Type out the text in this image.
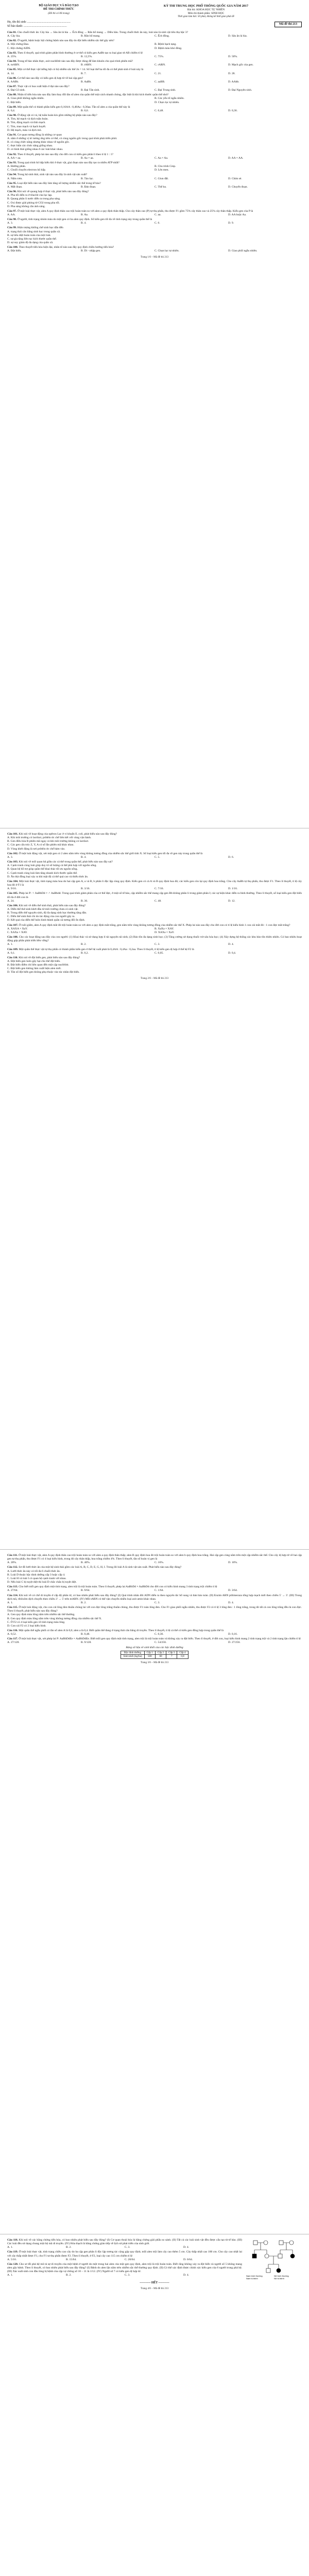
BỘ GIÁO DỤC VÀ ĐÀO TẠO
ĐỀ THI CHÍNH THỨC
(Đề thi có 06 trang)
KỲ THI TRUNG HỌC PHỔ THÔNG QUỐC GIA NĂM 2017
Bài thi: KHOA HỌC TỰ NHIÊN
Môn thi thành phần: SINH HỌC
Thời gian làm bài: 50 phút, không kể thời gian phát đề
Họ, tên thí sinh: ..........................................................
Số báo danh: ..........................................................
Mã đề thi 213
Câu 81. Cho chuỗi thức ăn: Cây lúa → Sâu ăn lá lúa → Ếch đồng → Rắn hổ mang → Diều hâu. Trong chuỗi thức ăn này, loài nào là sinh vật tiêu thụ bậc 3?
A. Cây lúa.	B. Rắn hổ mang.	C. Ếch đồng.	D. Sâu ăn lá lúa.
Câu 82. Ở người, bệnh hoặc hội chứng bệnh nào sau đây do đột biến nhiễm sắc thể gây nên?
A. Hội chứng Đao.	B. Bệnh bạch tạng.
C. Hội chứng AIDS.	D. Bệnh máu khó đông.
Câu 83. Theo lí thuyết, quá trình giảm phân bình thường ở cơ thể có kiểu gen AaBb tạo ra loại giao tử AB chiếm tỉ lệ
A. 25%.	B. 12,5%.	C. 75%.	D. 50%.
Câu 84. Trong tế bào nhân thực, axit nuclêôtit nào sau đây được dùng để làm khuôn cho quá trình phiên mã?
A. mARN.	B. tARN.	C. rARN.	D. Mạch gốc của gen.
Câu 85. Một cơ thể thực vật lưỡng bội có bộ nhiễm sắc thể 2n = 14. Số loại thể ba tối đa có thể phát sinh ở loài này là
A. 14.	B. 7.	C. 21.	D. 28.
Câu 86. Cơ thể nào sau đây có kiểu gen dị hợp tử về hai cặp gen?
A. AABb.	B. AaBb.	C. aaBB.	D. AAbb.
Câu 87. Thực vật có hoa xuất hiện ở đại nào sau đây?
A. Đại Cổ sinh.	B. Đại Tân sinh.	C. Đại Trung sinh.	D. Đại Nguyên sinh.
Câu 88. Nhân tố tiến hóa nào sau đây làm thay đổi tần số alen của quần thể một cách nhanh chóng, đặc biệt là khi kích thước quần thể nhỏ?
A. Giao phối không ngẫu nhiên.	B. Các yếu tố ngẫu nhiên.
C. Đột biến.	D. Chọn lọc tự nhiên.
Câu 89. Một quần thể có thành phần kiểu gen 0,16AA : 0,48Aa : 0,36aa. Tần số alen a của quần thể này là
A. 0,4.	B. 0,6.	C. 0,48.	D. 0,36.
Câu 90. Ở động vật có vú, hệ tuần hoàn kín gồm những bộ phận nào sau đây?
A. Tim, hệ mạch và dịch tuần hoàn.
B. Tim, động mạch và tĩnh mạch.
C. Tim, mao mạch và bạch huyết.
D. Hệ mạch, máu và dịch mô.
Câu 91. Cơ quan tương đồng là những cơ quan
A. nằm ở những vị trí tương ứng trên cơ thể, có cùng nguồn gốc trong quá trình phát triển phôi.
B. có cùng chức năng nhưng khác nhau về nguồn gốc.
C. thực hiện các chức năng giống nhau.
D. có hình thái giống nhau ở các loài khác nhau.
Câu 92. Theo lí thuyết, phép lai nào sau đây cho đời con có kiểu gen phân li theo tỉ lệ 1 : 1?
A. AA × aa.	B. Aa × aa.	C. Aa × Aa.	D. AA × AA.
Câu 93. Trong quá trình hô hấp hiếu khí ở thực vật, giai đoạn nào sau đây tạo ra nhiều ATP nhất?
A. Đường phân.	B. Chu trình Crep.
C. Chuỗi chuyền electron hô hấp.	D. Lên men.
Câu 94. Trong hệ sinh thái, sinh vật nào sau đây là sinh vật sản xuất?
A. Nấm rơm.	B. Tảo lục.	C. Giun đất.	D. Chim sẻ.
Câu 95. Loại đột biến nào sau đây làm tăng số lượng nhiễm sắc thể trong tế bào?
A. Mất đoạn.	B. Đảo đoạn.	C. Thể ba.	D. Chuyển đoạn.
Câu 96. Khi nói về quang hợp ở thực vật, phát biểu nào sau đây đúng?
A. Pha tối diễn ra ở tilacôit của lục lạp.
B. Quang phân li nước diễn ra trong pha sáng.
C. Oxi được giải phóng từ CO2 trong pha tối.
D. Pha sáng không cần ánh sáng.
Câu 97. Ở một loài thực vật, alen A quy định thân cao trội hoàn toàn so với alen a quy định thân thấp. Cho cây thân cao (P) tự thụ phấn, thu được F1 gồm 75% cây thân cao và 25% cây thân thấp. Kiểu gen của P là
A. AA.	B. Aa.	C. aa.	D. AA hoặc Aa.
Câu 98. Ở người, tính trạng nhóm máu do một gen có ba alen quy định. Số kiểu gen tối đa về tính trạng này trong quần thể là
A. 3.	B. 4.	C. 6.	D. 9.
Câu 99. Hiện tượng khống chế sinh học dẫn đến
A. trạng thái cân bằng sinh học trong quần xã.
B. sự tiêu diệt hoàn toàn của một loài.
C. sự gia tăng liên tục kích thước quần thể.
D. sự suy giảm độ đa dạng của quần xã.
Câu 100. Theo thuyết tiến hóa hiện đại, nhân tố nào sau đây quy định chiều hướng tiến hóa?
A. Đột biến.	B. Di - nhập gen.	C. Chọn lọc tự nhiên.	D. Giao phối ngẫu nhiên.
Trang 1/6 – Mã đề thi 213
Câu 101. Khi nói về hoạt động của opêron Lac ở vi khuẩn E. coli, phát biểu nào sau đây đúng?
A. Khi môi trường có lactôzơ, prôtêin ức chế liên kết với vùng vận hành.
B. Gen điều hòa R phiên mã ngay cả khi môi trường không có lactôzơ.
C. Các gen cấu trúc Z, Y, A có số lần phiên mã khác nhau.
D. Vùng khởi động là nơi prôtêin ức chế bám vào.
Câu 102. Ở một loài động vật, xét một gen có 2 alen nằm trên vùng không tương đồng của nhiễm sắc thể giới tính X. Số loại kiểu gen tối đa về gen này trong quần thể là
A. 3.	B. 4.	C. 5.	D. 6.
Câu 103. Khi nói về mối quan hệ giữa các cá thể trong quần thể, phát biểu nào sau đây sai?
A. Cạnh tranh cùng loài giúp duy trì số lượng cá thể phù hợp với nguồn sống.
B. Quan hệ hỗ trợ giúp quần thể khai thác tối ưu nguồn sống.
C. Cạnh tranh cùng loài làm tăng nhanh kích thước quần thể.
D. Ăn thịt đồng loại xảy ra khi mật độ cá thể quá cao và thiếu thức ăn.
Câu 104. Một loài thực vật, tính trạng màu hoa do hai cặp gen A, a và B, b phân li độc lập cùng quy định. Kiểu gen có cả A và B quy định hoa đỏ; các kiểu gen còn lại quy định hoa trắng. Cho cây AaBb tự thụ phấn, thu được F1. Theo lí thuyết, tỉ lệ cây hoa đỏ ở F1 là
A. 9/16.	B. 3/16.	C. 7/16.	D. 1/16.
Câu 105. Phép lai P: ♀ AaBbDd × ♂ AaBbdd. Trong quá trình giảm phân của cơ thể đực, ở một số tế bào, cặp nhiễm sắc thể mang cặp gen Bb không phân li trong giảm phân I; các sự kiện khác diễn ra bình thường. Theo lí thuyết, số loại kiểu gen đột biến tối đa ở đời con là
A. 24.	B. 36.	C. 48.	D. 12.
Câu 106. Khi nói về diễn thế sinh thái, phát biểu nào sau đây đúng?
A. Diễn thế thứ sinh khởi đầu từ môi trường chưa có sinh vật.
B. Trong diễn thế nguyên sinh, độ đa dạng sinh học thường tăng dần.
C. Diễn thế sinh thái chỉ do tác động của con người gây ra.
D. Kết quả của diễn thế luôn hình thành quần xã tương đối ổn định.
Câu 107. Ở ruồi giấm, alen A quy định mắt đỏ trội hoàn toàn so với alen a quy định mắt trắng, gen nằm trên vùng không tương đồng của nhiễm sắc thể X. Phép lai nào sau đây cho đời con có tỉ lệ kiểu hình 1 con cái mắt đỏ : 1 con đực mắt trắng?
A. XAXA × XaY.	B. XaXa × XAY.
C. XAXa × XAY.	D. XAXa × XaY.
Câu 108. Cho các hoạt động sau đây của con người: (1) Khai thác và sử dụng hợp lí tài nguyên tái sinh; (2) Bảo tồn đa dạng sinh học; (3) Tăng cường sử dụng thuốc trừ sâu hóa học; (4) Xây dựng hệ thống các khu bảo tồn thiên nhiên. Có bao nhiêu hoạt động góp phần phát triển bền vững?
A. 1.	B. 2.	C. 3.	D. 4.
Câu 109. Một quần thể thực vật tự thụ phấn có thành phần kiểu gen ở thế hệ xuất phát là 0,4AA : 0,4Aa : 0,2aa. Theo lí thuyết, tỉ lệ kiểu gen dị hợp ở thế hệ F2 là
A. 0,1.	B. 0,2.	C. 0,05.	D. 0,4.
Câu 110. Khi nói về đột biến gen, phát biểu nào sau đây đúng?
A. Đột biến gen luôn gây hại cho thể đột biến.
B. Đột biến điểm chỉ liên quan đến một cặp nuclêôtit.
C. Đột biến gen không làm xuất hiện alen mới.
D. Tần số đột biến gen không phụ thuộc vào tác nhân đột biến.
Trang 2/6 – Mã đề thi 213
Câu 111. Ở một loài thực vật, alen A quy định thân cao trội hoàn toàn so với alen a quy định thân thấp; alen B quy định hoa đỏ trội hoàn toàn so với alen b quy định hoa trắng. Hai cặp gen cùng nằm trên một cặp nhiễm sắc thể. Cho cây dị hợp tử về hai cặp gen tự thụ phấn, thu được F1 có 4 loại kiểu hình, trong đó cây thân thấp, hoa trắng chiếm 4%. Theo lí thuyết, tần số hoán vị gen là
A. 20%.	B. 40%.	C. 16%.	D. 10%.
Câu 112. Sơ đồ lưới thức ăn của một hệ sinh thái gồm các loài A, B, C, D, E, G, H, I. Trong đó loài A là sinh vật sản xuất. Phát biểu nào sau đây đúng?
A. Lưới thức ăn này có tối đa 6 chuỗi thức ăn.
B. Loài D thuộc bậc dinh dưỡng cấp 3 hoặc cấp 4.
C. Loài H và loài I có quan hệ cạnh tranh với nhau.
D. Nếu loài C bị tuyệt diệt thì loài D chắc chắn bị tuyệt diệt.
Câu 113. Cho biết mỗi gen quy định một tính trạng, alen trội là trội hoàn toàn. Theo lí thuyết, phép lai AaBbDd × AaBbDd cho đời con có kiểu hình mang 3 tính trạng trội chiếm tỉ lệ
A. 27/64.	B. 9/64.	C. 1/64.	D. 3/64.
Câu 114. Khi nói về cơ chế di truyền ở cấp độ phân tử, có bao nhiêu phát biểu sau đây đúng? (I) Quá trình nhân đôi ADN diễn ra theo nguyên tắc bổ sung và bán bảo toàn. (II) Enzim ARN pôlimeraza tổng hợp mạch mới theo chiều 5' → 3'. (III) Trong dịch mã, ribôxôm dịch chuyển theo chiều 3' → 5' trên mARN. (IV) Mỗi tARN có thể vận chuyển nhiều loại axit amin khác nhau.
A. 1.	B. 2.	C. 3.	D. 4.
Câu 115. Ở một loài động vật, cho con cái lông đen thuần chủng lai với con đực lông trắng thuần chủng, thu được F1 toàn lông đen. Cho F1 giao phối ngẫu nhiên, thu được F2 có tỉ lệ 3 lông đen : 1 lông trắng, trong đó tất cả con lông trắng đều là con đực. Theo lí thuyết, phát biểu nào sau đây đúng?
A. Gen quy định màu lông nằm trên nhiễm sắc thể thường.
B. Gen quy định màu lông nằm trên vùng không tương đồng của nhiễm sắc thể X.
C. Ở F2 có 4 loại kiểu gen về tính trạng màu lông.
D. Con cái F2 có 2 loại kiểu hình.
Câu 116. Một quần thể ngẫu phối có tần số alen A là 0,6; alen a là 0,4. Biết quần thể đang ở trạng thái cân bằng di truyền. Theo lí thuyết, tỉ lệ cá thể có kiểu gen đồng hợp trong quần thể là
A. 0,52.	B. 0,48.	C. 0,36.	D. 0,16.
Câu 117. Ở một loài thực vật, xét phép lai P: AaBbDdEe × AaBbDdEe. Biết mỗi gen quy định một tính trạng, alen trội là trội hoàn toàn và không xảy ra đột biến. Theo lí thuyết, ở đời con, loại kiểu hình mang 2 tính trạng trội và 2 tính trạng lặn chiếm tỉ lệ
A. 27/128.	B. 9/128.	C. 54/256.	D. 27/256.
Bảng số liệu về sinh khối của các bậc dinh dưỡng
Bậc dinh dưỡng	Cấp 1	Cấp 2	Cấp 3	Cấp 4
Sinh khối (kg/ha)	500	60	7	0,8
Trang 3/6 – Mã đề thi 213
Nam bình thường	Nữ bình thường
Nam bị bệnh	Nữ bị bệnh
Câu 118. Khi nói về các bằng chứng tiến hóa, có bao nhiêu phát biểu sau đây đúng? (I) Cơ quan thoái hóa là bằng chứng giải phẫu so sánh. (II) Tất cả các loài sinh vật đều được cấu tạo từ tế bào. (III) Các loài đều sử dụng chung một bộ mã di truyền. (IV) Hóa thạch là bằng chứng gián tiếp về lịch sử phát triển của sinh giới.
A. 1.	B. 2.	C. 3.	D. 4.
Câu 119. Ở một loài thực vật, tính trạng chiều cao cây do ba cặp gen phân li độc lập tương tác cộng gộp quy định; mỗi alen trội làm cây cao thêm 5 cm. Cây thấp nhất cao 100 cm. Cho cây cao nhất lai với cây thấp nhất được F1, cho F1 tự thụ phấn được F2. Theo lí thuyết, ở F2, loại cây cao 115 cm chiếm tỉ lệ
A. 5/16.	B. 15/64.	C. 20/64.	D. 6/64.
Câu 120. Cho sơ đồ phả hệ mô tả sự di truyền của một bệnh ở người do một trong hai alen của một gen quy định, alen trội là trội hoàn toàn. Biết rằng không xảy ra đột biến và người số 5 không mang alen gây bệnh. Theo lí thuyết, có bao nhiêu phát biểu sau đây đúng? (I) Bệnh do alen lặn nằm trên nhiễm sắc thể thường quy định. (II) Có thể xác định được chính xác kiểu gen của 6 người trong phả hệ. (III) Xác suất sinh con đầu lòng bị bệnh của cặp vợ chồng số 10 – 11 là 1/12. (IV) Người số 7 có kiểu gen dị hợp tử.
A. 1.	B. 2.	C. 3.	D. 4.
----------- HẾT -----------
Trang 4/6 – Mã đề thi 213
